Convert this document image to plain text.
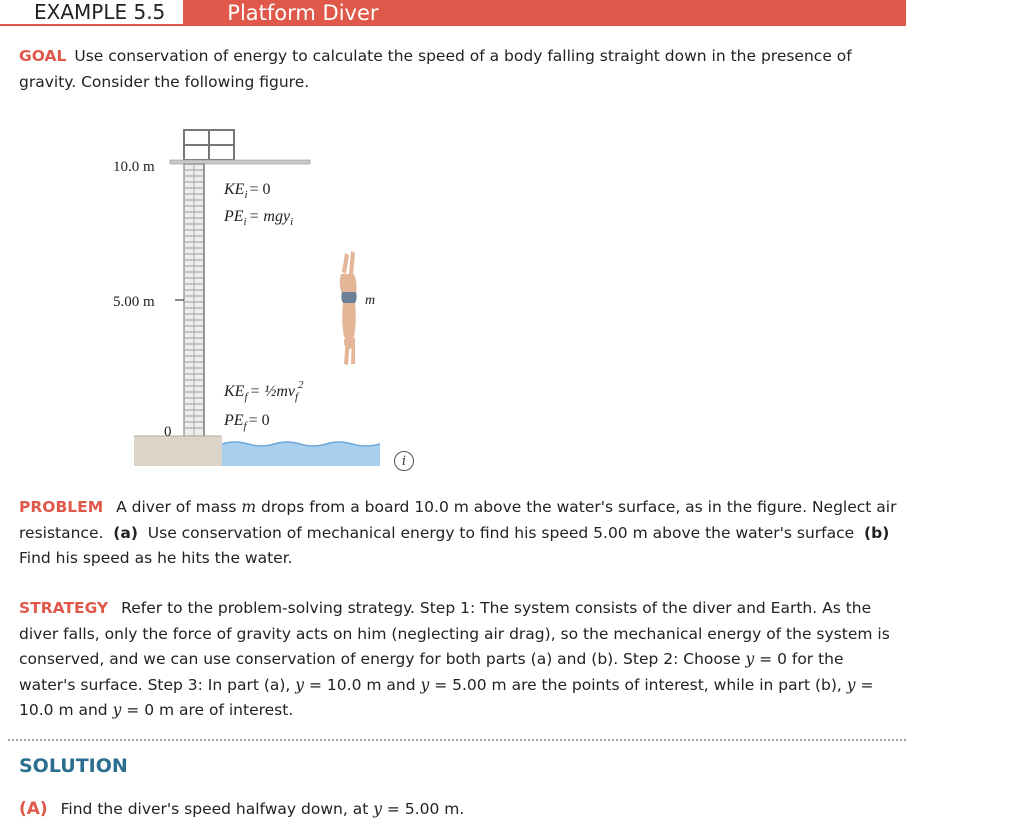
EXAMPLE 5.5	Platform Diver
GOAL Use conservation of energy to calculate the speed of a body falling straight down in the presence of gravity. Consider the following figure.
10.0 m
5.00 m
0
$KE_i = 0$
$PE_i = mgy_i$
m
$KE_f$ = $\frac{1}{2}mv_f^2$
$PE_f = 0$
i
PROBLEM A diver of mass m drops from a board 10.0 m above the water's surface, as in the figure. Neglect air resistance. (a) Use conservation of mechanical energy to find his speed 5.00 m above the water's surface (b)  Find his speed as he hits the water.
STRATEGY Refer to the problem-solving strategy. Step 1: The system consists of the diver and Earth. As the diver falls, only the force of gravity acts on him (neglecting air drag), so the mechanical energy of the system is conserved, and we can use conservation of energy for both parts (a) and (b). Step 2: Choose y = 0 for the water's surface. Step 3: In part (a), y = 10.0 m and y = 5.00 m are the points of interest, while in part (b), y = 10.0 m and y = 0 m are of interest.
SOLUTION
(A) Find the diver's speed halfway down, at y = 5.00 m.
